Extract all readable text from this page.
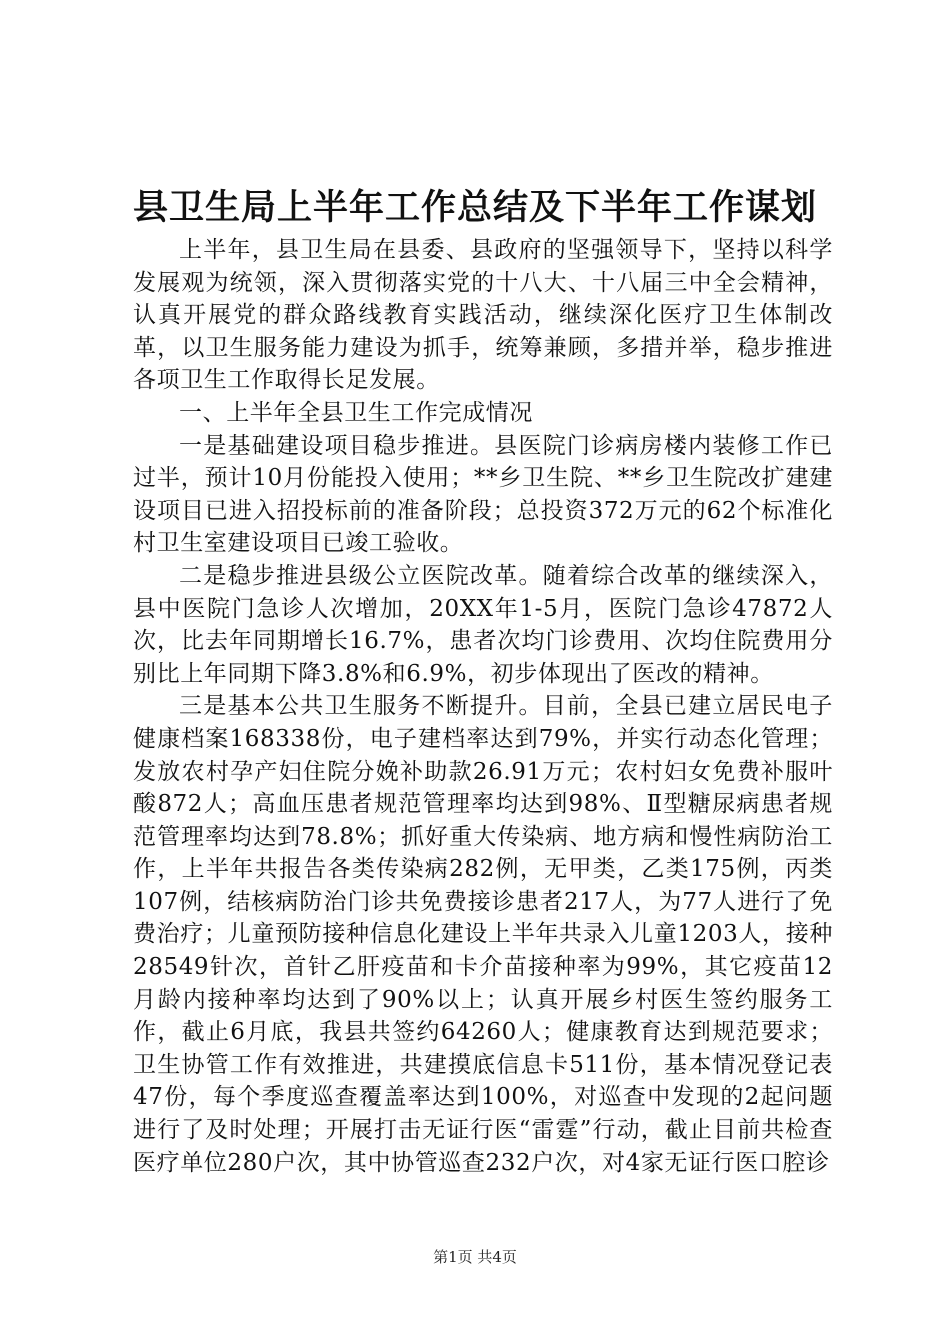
县卫生局上半年工作总结及下半年工作谋划

上半年，县卫生局在县委、县政府的坚强领导下，坚持以科学发展观为统领，深入贯彻落实党的十八大、十八届三中全会精神，认真开展党的群众路线教育实践活动，继续深化医疗卫生体制改革，以卫生服务能力建设为抓手，统筹兼顾，多措并举，稳步推进各项卫生工作取得长足发展。

一、上半年全县卫生工作完成情况

一是基础建设项目稳步推进。县医院门诊病房楼内装修工作已过半，预计10月份能投入使用；**乡卫生院、**乡卫生院改扩建建设项目已进入招投标前的准备阶段；总投资372万元的62个标准化村卫生室建设项目已竣工验收。

二是稳步推进县级公立医院改革。随着综合改革的继续深入，县中医院门急诊人次增加，20XX年1-5月，医院门急诊47872人次，比去年同期增长16.7%，患者次均门诊费用、次均住院费用分别比上年同期下降3.8%和6.9%，初步体现出了医改的精神。

三是基本公共卫生服务不断提升。目前，全县已建立居民电子健康档案168338份，电子建档率达到79%，并实行动态化管理；发放农村孕产妇住院分娩补助款26.91万元；农村妇女免费补服叶酸872人；高血压患者规范管理率均达到98%、Ⅱ型糖尿病患者规范管理率均达到78.8%；抓好重大传染病、地方病和慢性病防治工作，上半年共报告各类传染病282例，无甲类，乙类175例，丙类107例，结核病防治门诊共免费接诊患者217人，为77人进行了免费治疗；儿童预防接种信息化建设上半年共录入儿童1203人，接种28549针次，首针乙肝疫苗和卡介苗接种率为99%，其它疫苗12月龄内接种率均达到了90%以上；认真开展乡村医生签约服务工作，截止6月底，我县共签约64260人；健康教育达到规范要求；卫生协管工作有效推进，共建摸底信息卡511份，基本情况登记表47份，每个季度巡查覆盖率达到100%，对巡查中发现的2起问题进行了及时处理；开展打击无证行医“雷霆”行动，截止目前共检查医疗单位280户次，其中协管巡查232户次，对4家无证行医口腔诊

第1页 共4页
